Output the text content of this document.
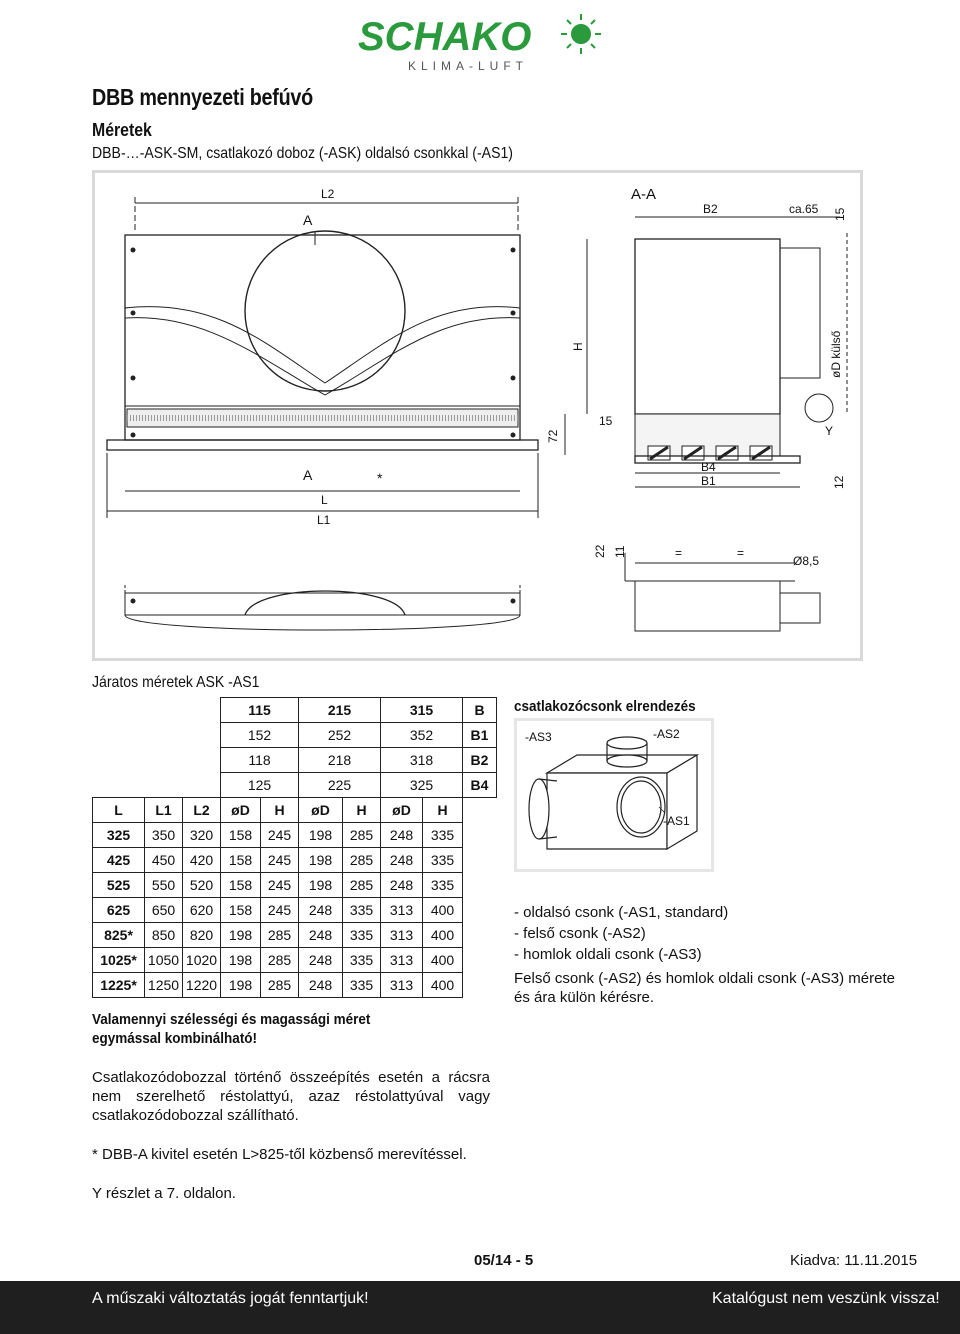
SCHAKO
KLIMA-LUFT
DBB mennyezeti befúvó
Méretek
DBB-…-ASK-SM, csatlakozó doboz (-ASK) oldalsó csonkkal (-AS1)
L2
A
A	*
L
L1
A-A
B2	ca.65 15
H	øD külső
Y
72
15
B4
B1	12
22 11	=	=
Ø8,5
Járatos méretek ASK -AS1
			115		215		315		B
			152		252		352		B1
			118		218		318		B2
			125		225		325		B4
L	L1	L2	øD	H	øD	H	øD	H	
325	350	320	158	245	198	285	248	335	
425	450	420	158	245	198	285	248	335	
525	550	520	158	245	198	285	248	335	
625	650	620	158	245	248	335	313	400	
825*	850	820	198	285	248	335	313	400	
1025*	1050	1020	198	285	248	335	313	400	
1225*	1250	1220	198	285	248	335	313	400	
Valamennyi szélességi és magassági méret egymással kombinálható!
Csatlakozódobozzal történő összeépítés esetén a rácsra nem szerelhető réstolattyú, azaz réstolattyúval vagy csatlakozódobozzal szállítható.
* DBB-A kivitel esetén L>825-től közbenső merevítéssel.
Y részlet a 7. oldalon.
csatlakozócsonk elrendezés
-AS3	-AS2
-AS1
- oldalsó csonk (-AS1, standard)
- felső csonk (-AS2)
- homlok oldali csonk (-AS3)
Felső csonk (-AS2) és homlok oldali csonk (-AS3) mérete és ára külön kérésre.
05/14 - 5	Kiadva: 11.11.2015
A műszaki változtatás jogát fenntartjuk!	Katalógust nem veszünk vissza!
